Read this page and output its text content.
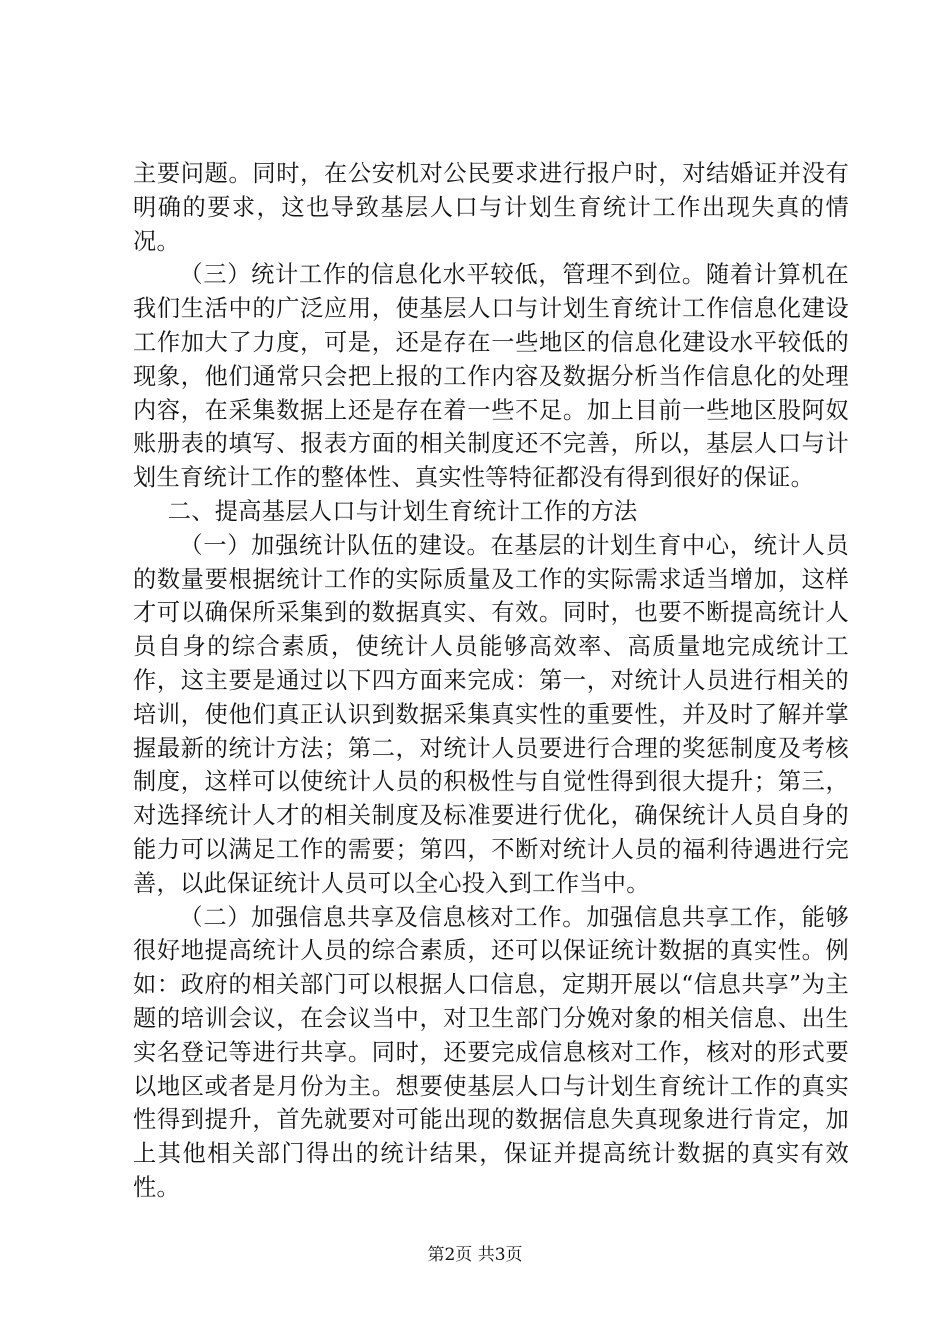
主要问题。同时，在公安机对公民要求进行报户时，对结婚证并没有明确的要求，这也导致基层人口与计划生育统计工作出现失真的情况。

（三）统计工作的信息化水平较低，管理不到位。随着计算机在我们生活中的广泛应用，使基层人口与计划生育统计工作信息化建设工作加大了力度，可是，还是存在一些地区的信息化建设水平较低的现象，他们通常只会把上报的工作内容及数据分析当作信息化的处理内容，在采集数据上还是存在着一些不足。加上目前一些地区股阿奴账册表的填写、报表方面的相关制度还不完善，所以，基层人口与计划生育统计工作的整体性、真实性等特征都没有得到很好的保证。

二、提高基层人口与计划生育统计工作的方法

（一）加强统计队伍的建设。在基层的计划生育中心，统计人员的数量要根据统计工作的实际质量及工作的实际需求适当增加，这样才可以确保所采集到的数据真实、有效。同时，也要不断提高统计人员自身的综合素质，使统计人员能够高效率、高质量地完成统计工作，这主要是通过以下四方面来完成：第一，对统计人员进行相关的培训，使他们真正认识到数据采集真实性的重要性，并及时了解并掌握最新的统计方法；第二，对统计人员要进行合理的奖惩制度及考核制度，这样可以使统计人员的积极性与自觉性得到很大提升；第三，对选择统计人才的相关制度及标准要进行优化，确保统计人员自身的能力可以满足工作的需要；第四，不断对统计人员的福利待遇进行完善，以此保证统计人员可以全心投入到工作当中。

（二）加强信息共享及信息核对工作。加强信息共享工作，能够很好地提高统计人员的综合素质，还可以保证统计数据的真实性。例如：政府的相关部门可以根据人口信息，定期开展以“信息共享”为主题的培训会议，在会议当中，对卫生部门分娩对象的相关信息、出生实名登记等进行共享。同时，还要完成信息核对工作，核对的形式要以地区或者是月份为主。想要使基层人口与计划生育统计工作的真实性得到提升，首先就要对可能出现的数据信息失真现象进行肯定，加上其他相关部门得出的统计结果，保证并提高统计数据的真实有效性。

第2页 共3页
